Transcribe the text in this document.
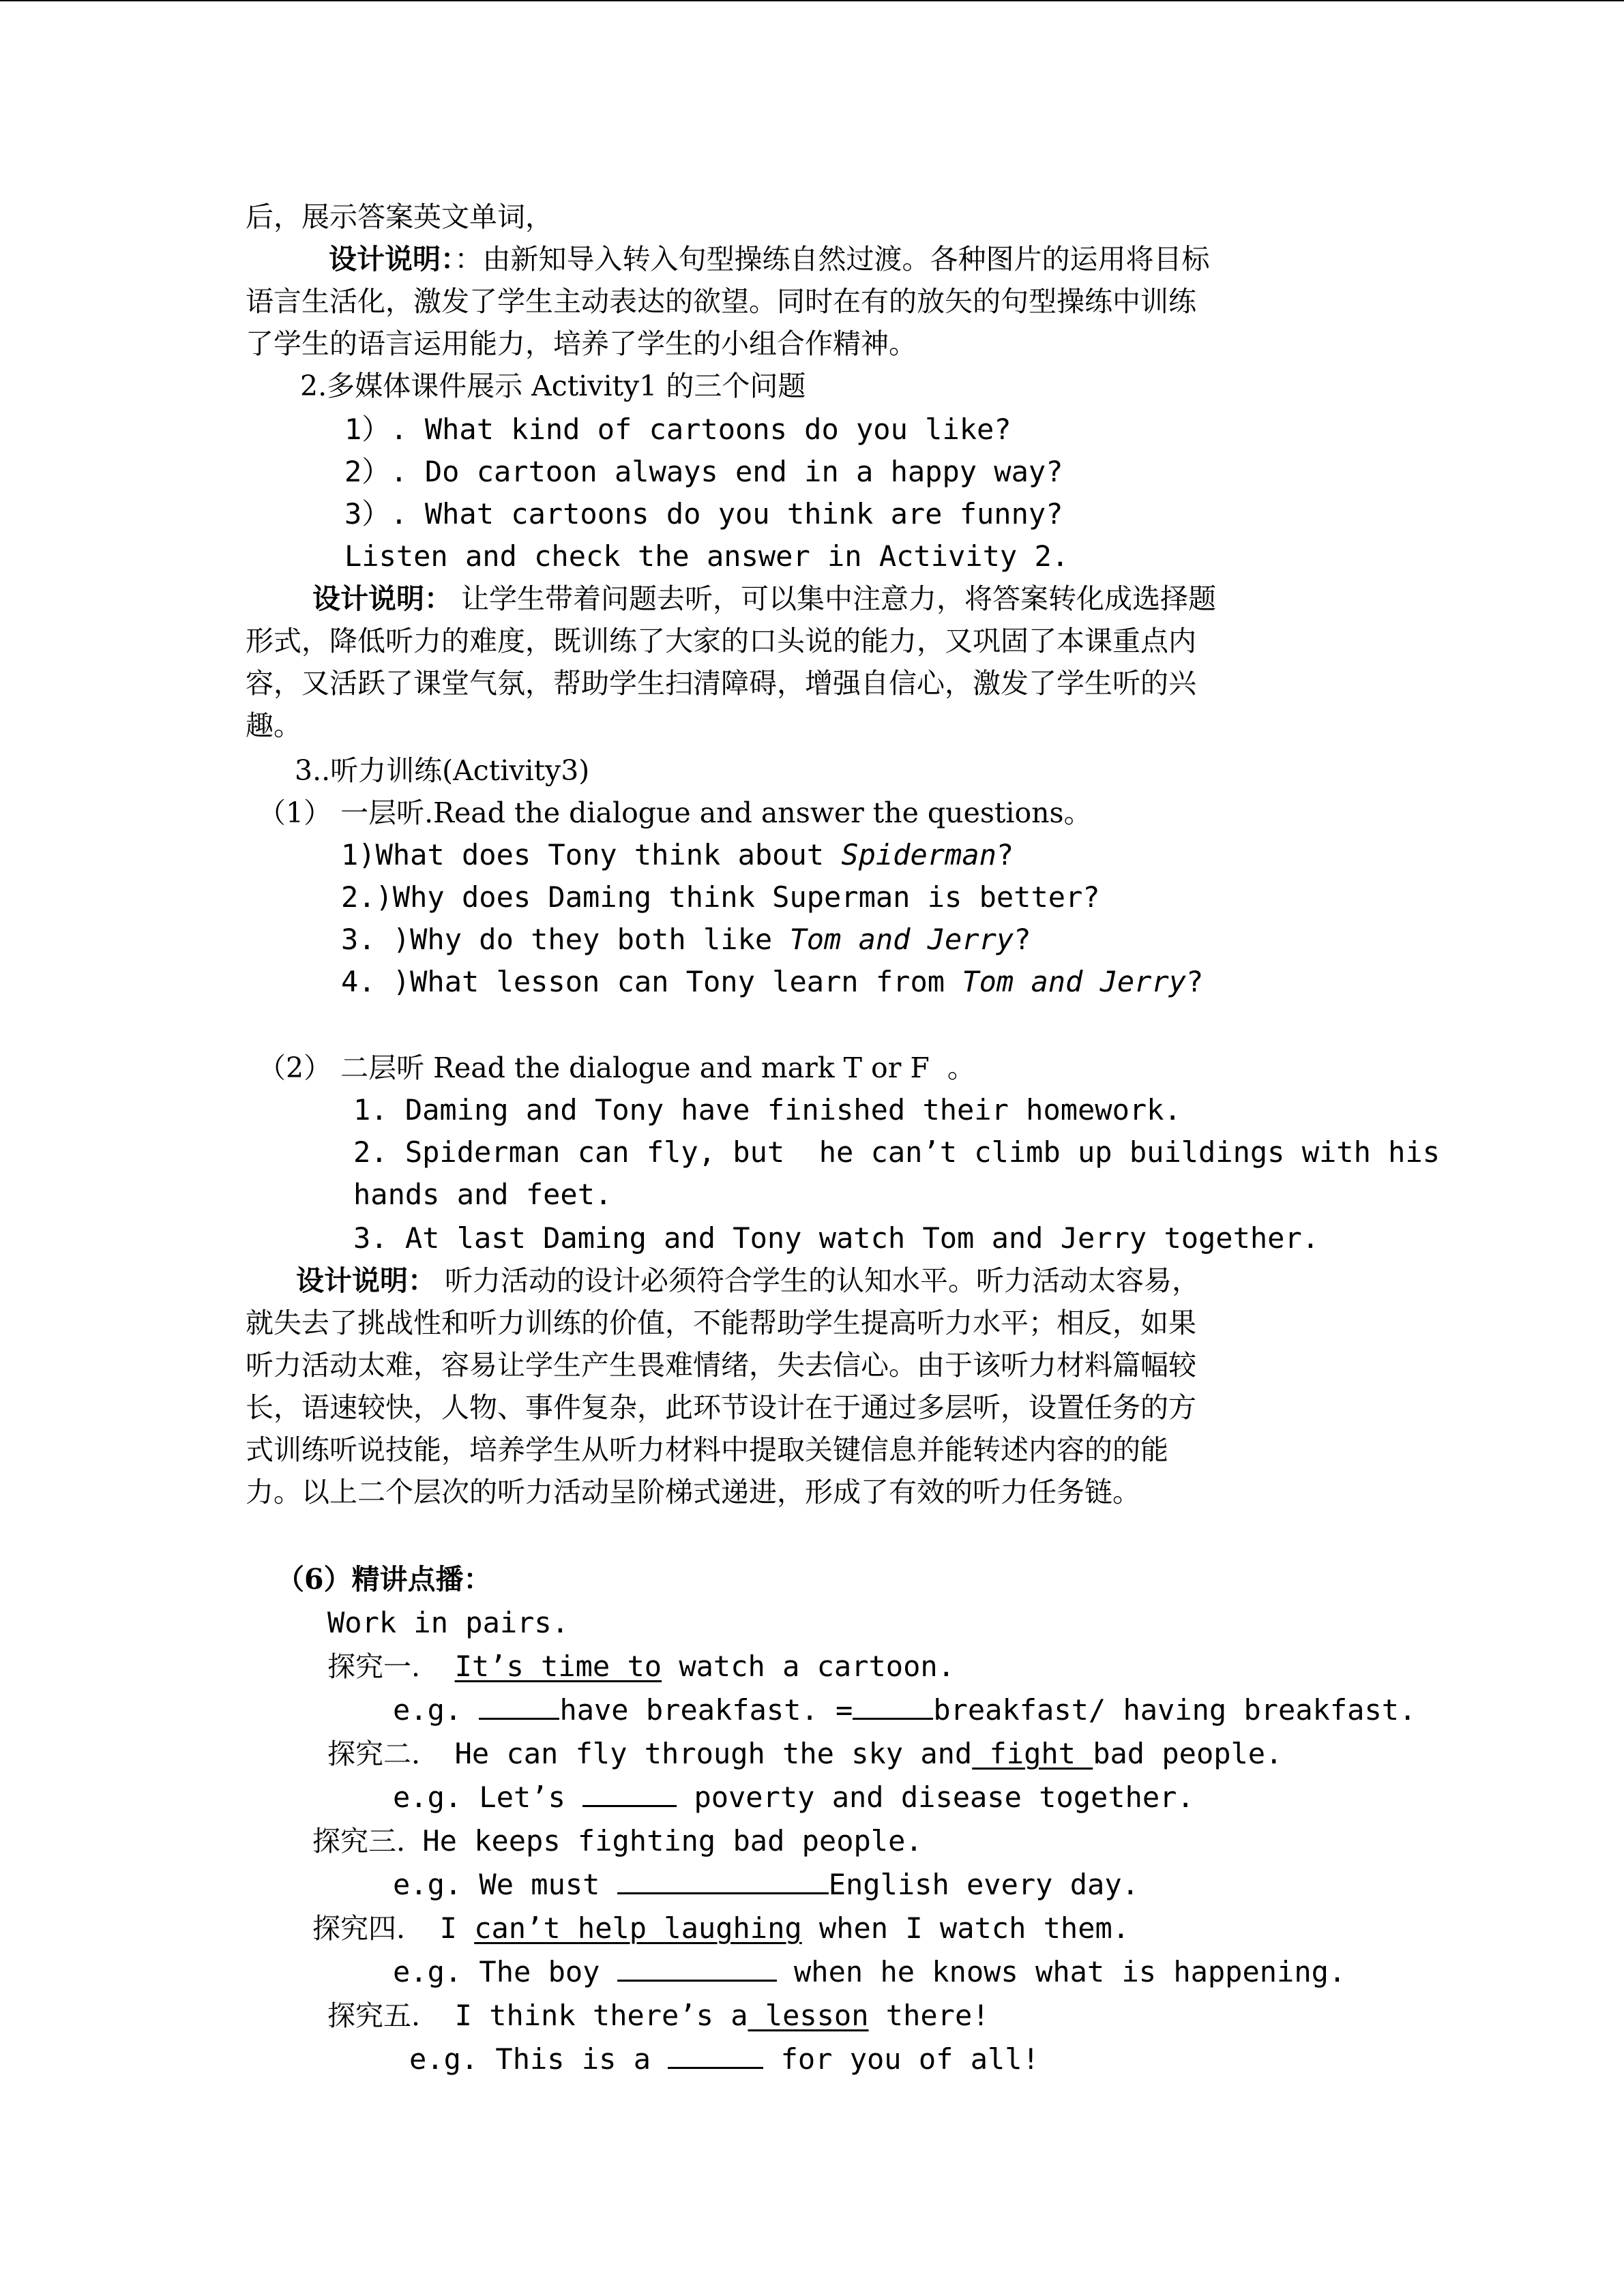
后，展示答案英文单词，
设计说明：：由新知导入转入句型操练自然过渡。各种图片的运用将目标
语言生活化，激发了学生主动表达的欲望。同时在有的放矢的句型操练中训练
了学生的语言运用能力，培养了学生的小组合作精神。
2.多媒体课件展示 Activity1 的三个问题
1）. What kind of cartoons do you like?
2）. Do cartoon always end in a happy way?
3）. What cartoons do you think are funny?
Listen and check the answer in Activity 2.
设计说明： 让学生带着问题去听，可以集中注意力，将答案转化成选择题
形式，降低听力的难度，既训练了大家的口头说的能力，又巩固了本课重点内
容，又活跃了课堂气氛，帮助学生扫清障碍，增强自信心，激发了学生听的兴
趣。
3..听力训练(Activity3)
（1） 一层听.Read the dialogue and answer the questions。
1)What does Tony think about Spiderman?
2.)Why does Daming think Superman is better?
3. )Why do they both like Tom and Jerry?
4. )What lesson can Tony learn from Tom and Jerry?
（2） 二层听 Read the dialogue and mark T or F  。
1. Daming and Tony have finished their homework.
2. Spiderman can fly, but  he can’t climb up buildings with his
hands and feet.
3. At last Daming and Tony watch Tom and Jerry together.
设计说明： 听力活动的设计必须符合学生的认知水平。听力活动太容易，
就失去了挑战性和听力训练的价值，不能帮助学生提高听力水平；相反，如果
听力活动太难，容易让学生产生畏难情绪，失去信心。由于该听力材料篇幅较
长，语速较快，人物、事件复杂，此环节设计在于通过多层听，设置任务的方
式训练听说技能，培养学生从听力材料中提取关键信息并能转述内容的的能
力。以上二个层次的听力活动呈阶梯式递进，形成了有效的听力任务链。
（6）精讲点播：
Work in pairs.
探究一. It’s time to watch a cartoon.
e.g.	have breakfast. =	breakfast/ having breakfast.
探究二. He can fly through the sky and fight bad people.
e.g. Let’s	poverty and disease together.
探究三. He keeps fighting bad people.
e.g. We must	English every day.
探究四. I can’t help laughing when I watch them.
e.g. The boy	when he knows what is happening.
探究五. I think there’s a lesson there!
e.g. This is a	for you of all!
